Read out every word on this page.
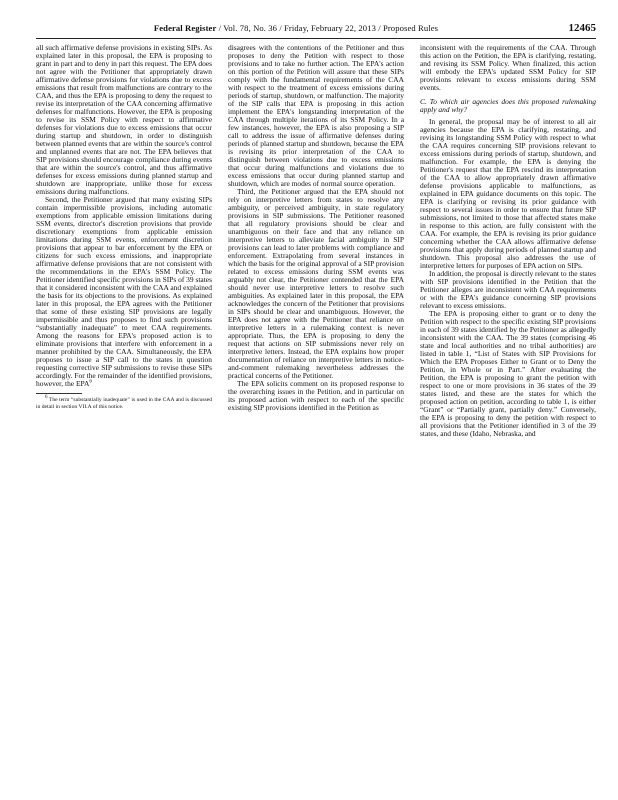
Federal Register / Vol. 78, No. 36 / Friday, February 22, 2013 / Proposed Rules	12465

all such affirmative defense provisions in existing SIPs. As explained later in this proposal, the EPA is proposing to grant in part and to deny in part this request. The EPA does not agree with the Petitioner that appropriately drawn affirmative defense provisions for violations due to excess emissions that result from malfunctions are contrary to the CAA, and thus the EPA is proposing to deny the request to revise its interpretation of the CAA concerning affirmative defenses for malfunctions. However, the EPA is proposing to revise its SSM Policy with respect to affirmative defenses for violations due to excess emissions that occur during startup and shutdown, in order to distinguish between planned events that are within the source's control and unplanned events that are not. The EPA believes that SIP provisions should encourage compliance during events that are within the source's control, and thus affirmative defenses for excess emissions during planned startup and shutdown are inappropriate, unlike those for excess emissions during malfunctions.

Second, the Petitioner argued that many existing SIPs contain impermissible provisions, including automatic exemptions from applicable emission limitations during SSM events, director's discretion provisions that provide discretionary exemptions from applicable emission limitations during SSM events, enforcement discretion provisions that appear to bar enforcement by the EPA or citizens for such excess emissions, and inappropriate affirmative defense provisions that are not consistent with the recommendations in the EPA's SSM Policy. The Petitioner identified specific provisions in SIPs of 39 states that it considered inconsistent with the CAA and explained the basis for its objections to the provisions. As explained later in this proposal, the EPA agrees with the Petitioner that some of these existing SIP provisions are legally impermissible and thus proposes to find such provisions “substantially inadequate” to meet CAA requirements. Among the reasons for EPA's proposed action is to eliminate provisions that interfere with enforcement in a manner prohibited by the CAA. Simultaneously, the EPA proposes to issue a SIP call to the states in question requesting corrective SIP submissions to revise these SIPs accordingly. For the remainder of the identified provisions, however, the EPA$^6$

$^6$ The term “substantially inadequate” is used in the CAA and is discussed in detail in section VII.A of this notice.

disagrees with the contentions of the Petitioner and thus proposes to deny the Petition with respect to those provisions and to take no further action. The EPA's action on this portion of the Petition will assure that these SIPs comply with the fundamental requirements of the CAA with respect to the treatment of excess emissions during periods of startup, shutdown, or malfunction. The majority of the SIP calls that EPA is proposing in this action implement the EPA's longstanding interpretation of the CAA through multiple iterations of its SSM Policy. In a few instances, however, the EPA is also proposing a SIP call to address the issue of affirmative defenses during periods of planned startup and shutdown, because the EPA is revising its prior interpretation of the CAA to distinguish between violations due to excess emissions that occur during malfunctions and violations due to excess emissions that occur during planned startup and shutdown, which are modes of normal source operation.

Third, the Petitioner argued that the EPA should not rely on interpretive letters from states to resolve any ambiguity, or perceived ambiguity, in state regulatory provisions in SIP submissions. The Petitioner reasoned that all regulatory provisions should be clear and unambiguous on their face and that any reliance on interpretive letters to alleviate facial ambiguity in SIP provisions can lead to later problems with compliance and enforcement. Extrapolating from several instances in which the basis for the original approval of a SIP provision related to excess emissions during SSM events was arguably not clear, the Petitioner contended that the EPA should never use interpretive letters to resolve such ambiguities. As explained later in this proposal, the EPA acknowledges the concern of the Petitioner that provisions in SIPs should be clear and unambiguous. However, the EPA does not agree with the Petitioner that reliance on interpretive letters in a rulemaking context is never appropriate. Thus, the EPA is proposing to deny the request that actions on SIP submissions never rely on interpretive letters. Instead, the EPA explains how proper documentation of reliance on interpretive letters in notice-and-comment rulemaking nevertheless addresses the practical concerns of the Petitioner.

The EPA solicits comment on its proposed response to the overarching issues in the Petition, and in particular on its proposed action with respect to each of the specific existing SIP provisions identified in the Petition as

inconsistent with the requirements of the CAA. Through this action on the Petition, the EPA is clarifying, restating, and revising its SSM Policy. When finalized, this action will embody the EPA's updated SSM Policy for SIP provisions relevant to excess emissions during SSM events.

C. To which air agencies does this proposed rulemaking apply and why?

In general, the proposal may be of interest to all air agencies because the EPA is clarifying, restating, and revising its longstanding SSM Policy with respect to what the CAA requires concerning SIP provisions relevant to excess emissions during periods of startup, shutdown, and malfunction. For example, the EPA is denying the Petitioner's request that the EPA rescind its interpretation of the CAA to allow appropriately drawn affirmative defense provisions applicable to malfunctions, as explained in EPA guidance documents on this topic. The EPA is clarifying or revising its prior guidance with respect to several issues in order to ensure that future SIP submissions, not limited to those that affected states make in response to this action, are fully consistent with the CAA. For example, the EPA is revising its prior guidance concerning whether the CAA allows affirmative defense provisions that apply during periods of planned startup and shutdown. This proposal also addresses the use of interpretive letters for purposes of EPA action on SIPs.

In addition, the proposal is directly relevant to the states with SIP provisions identified in the Petition that the Petitioner alleges are inconsistent with CAA requirements or with the EPA's guidance concerning SIP provisions relevant to excess emissions.

The EPA is proposing either to grant or to deny the Petition with respect to the specific existing SIP provisions in each of 39 states identified by the Petitioner as allegedly inconsistent with the CAA. The 39 states (comprising 46 state and local authorities and no tribal authorities) are listed in table 1, “List of States with SIP Provisions for Which the EPA Proposes Either to Grant or to Deny the Petition, in Whole or in Part.” After evaluating the Petition, the EPA is proposing to grant the petition with respect to one or more provisions in 36 states of the 39 states listed, and these are the states for which the proposed action on petition, according to table 1, is either “Grant” or “Partially grant, partially deny.” Conversely, the EPA is proposing to deny the petition with respect to all provisions that the Petitioner identified in 3 of the 39 states, and these (Idaho, Nebraska, and
